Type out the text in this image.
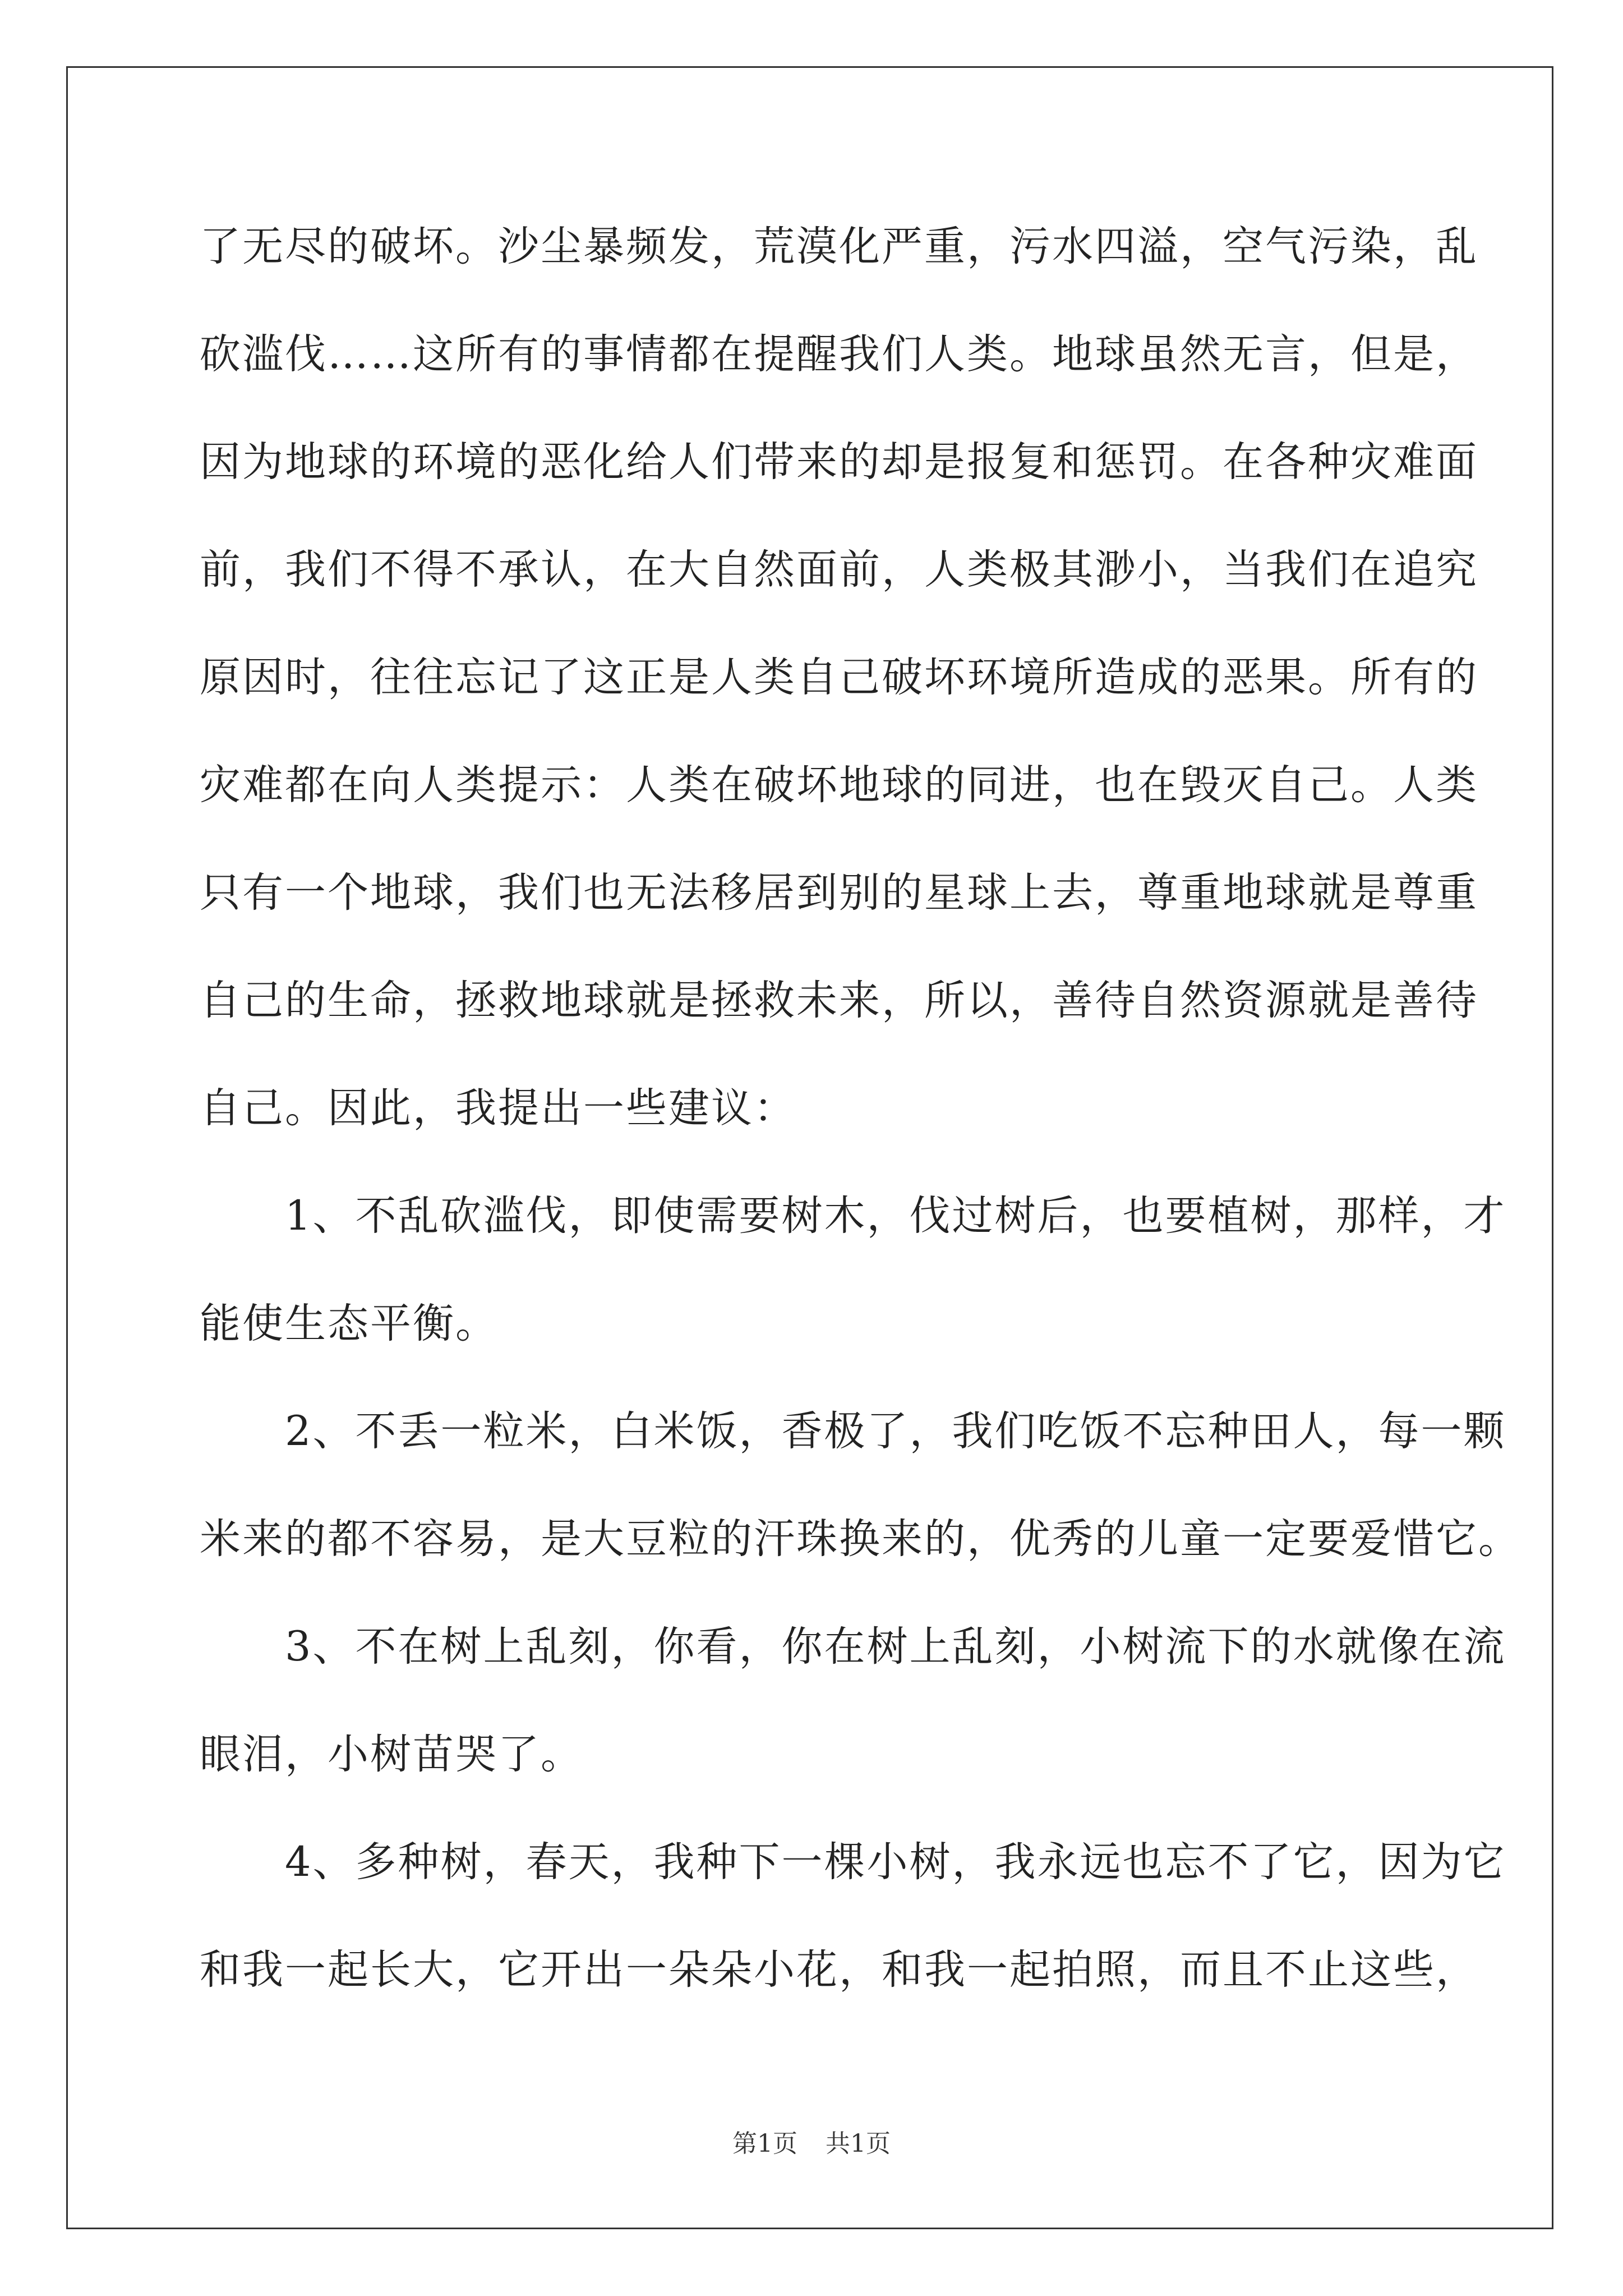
了无尽的破坏。沙尘暴频发，荒漠化严重，污水四溢，空气污染，乱
砍滥伐……这所有的事情都在提醒我们人类。地球虽然无言，但是，
因为地球的环境的恶化给人们带来的却是报复和惩罚。在各种灾难面
前，我们不得不承认，在大自然面前，人类极其渺小，当我们在追究
原因时，往往忘记了这正是人类自己破坏环境所造成的恶果。所有的
灾难都在向人类提示：人类在破坏地球的同进，也在毁灭自己。人类
只有一个地球，我们也无法移居到别的星球上去，尊重地球就是尊重
自己的生命，拯救地球就是拯救未来，所以，善待自然资源就是善待
自己。因此，我提出一些建议：
　　1、不乱砍滥伐，即使需要树木，伐过树后，也要植树，那样，才
能使生态平衡。
　　2、不丢一粒米，白米饭，香极了，我们吃饭不忘种田人，每一颗
米来的都不容易，是大豆粒的汗珠换来的，优秀的儿童一定要爱惜它。
　　3、不在树上乱刻，你看，你在树上乱刻，小树流下的水就像在流
眼泪，小树苗哭了。
　　4、多种树，春天，我种下一棵小树，我永远也忘不了它，因为它
和我一起长大，它开出一朵朵小花，和我一起拍照，而且不止这些，
第1页 共1页
